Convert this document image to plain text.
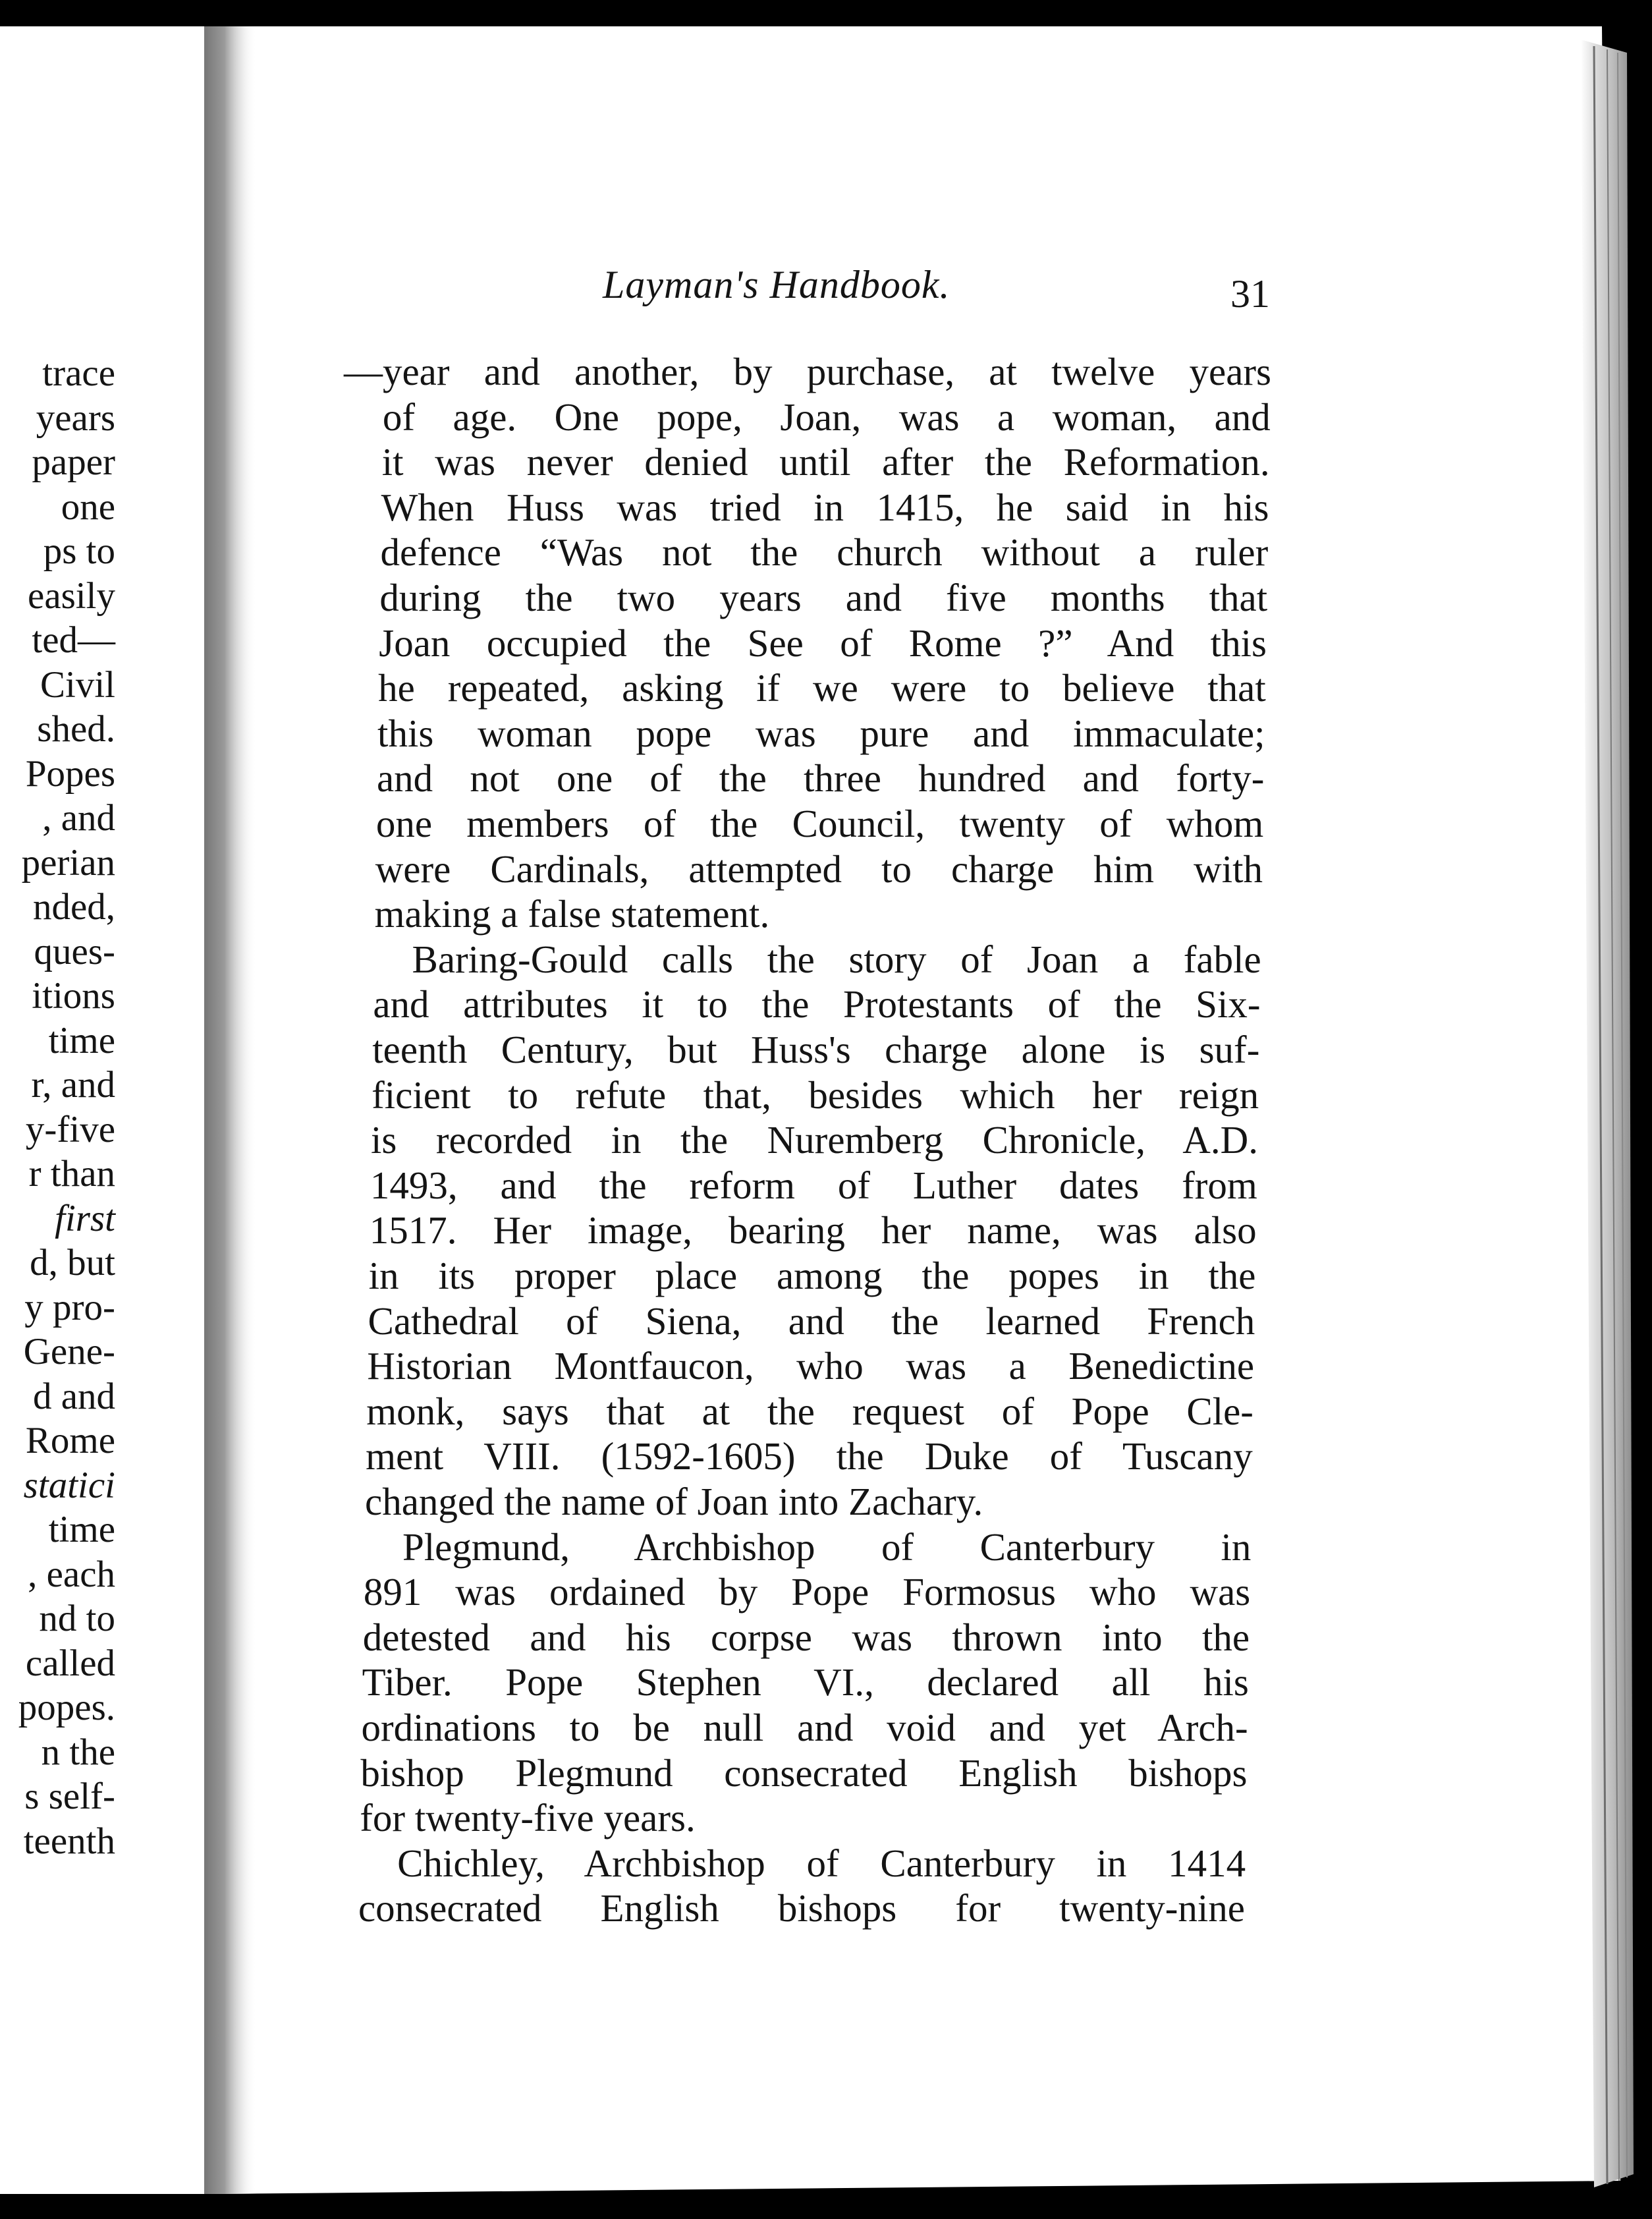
trace
years
paper
one
ps to
easily
ted—
Civil
shed.
Popes
, and
perian
nded,
ques-
itions
time
r, and
y-five
r than
first
d, but
y pro-
Gene-
d and
Rome
statici
time
, each
nd to
called
popes.
n the
s self-
teenth
Layman's Handbook.	31
—year and another, by purchase, at twelve years
of age. One pope, Joan, was a woman, and
it was never denied until after the Reformation.
When Huss was tried in 1415, he said in his
defence “Was not the church without a ruler
during the two years and five months that
Joan occupied the See of Rome ?” And this
he repeated, asking if we were to believe that
this woman pope was pure and immaculate;
and not one of the three hundred and forty-
one members of the Council, twenty of whom
were Cardinals, attempted to charge him with
making a false statement.
Baring-Gould calls the story of Joan a fable
and attributes it to the Protestants of the Six-
teenth Century, but Huss's charge alone is suf-
ficient to refute that, besides which her reign
is recorded in the Nuremberg Chronicle, A.D.
1493, and the reform of Luther dates from
1517. Her image, bearing her name, was also
in its proper place among the popes in the
Cathedral of Siena, and the learned French
Historian Montfaucon, who was a Benedictine
monk, says that at the request of Pope Cle-
ment VIII. (1592-1605) the Duke of Tuscany
changed the name of Joan into Zachary.
Plegmund, Archbishop of Canterbury in
891 was ordained by Pope Formosus who was
detested and his corpse was thrown into the
Tiber. Pope Stephen VI., declared all his
ordinations to be null and void and yet Arch-
bishop Plegmund consecrated English bishops
for twenty-five years.
Chichley, Archbishop of Canterbury in 1414
consecrated English bishops for twenty-nine
